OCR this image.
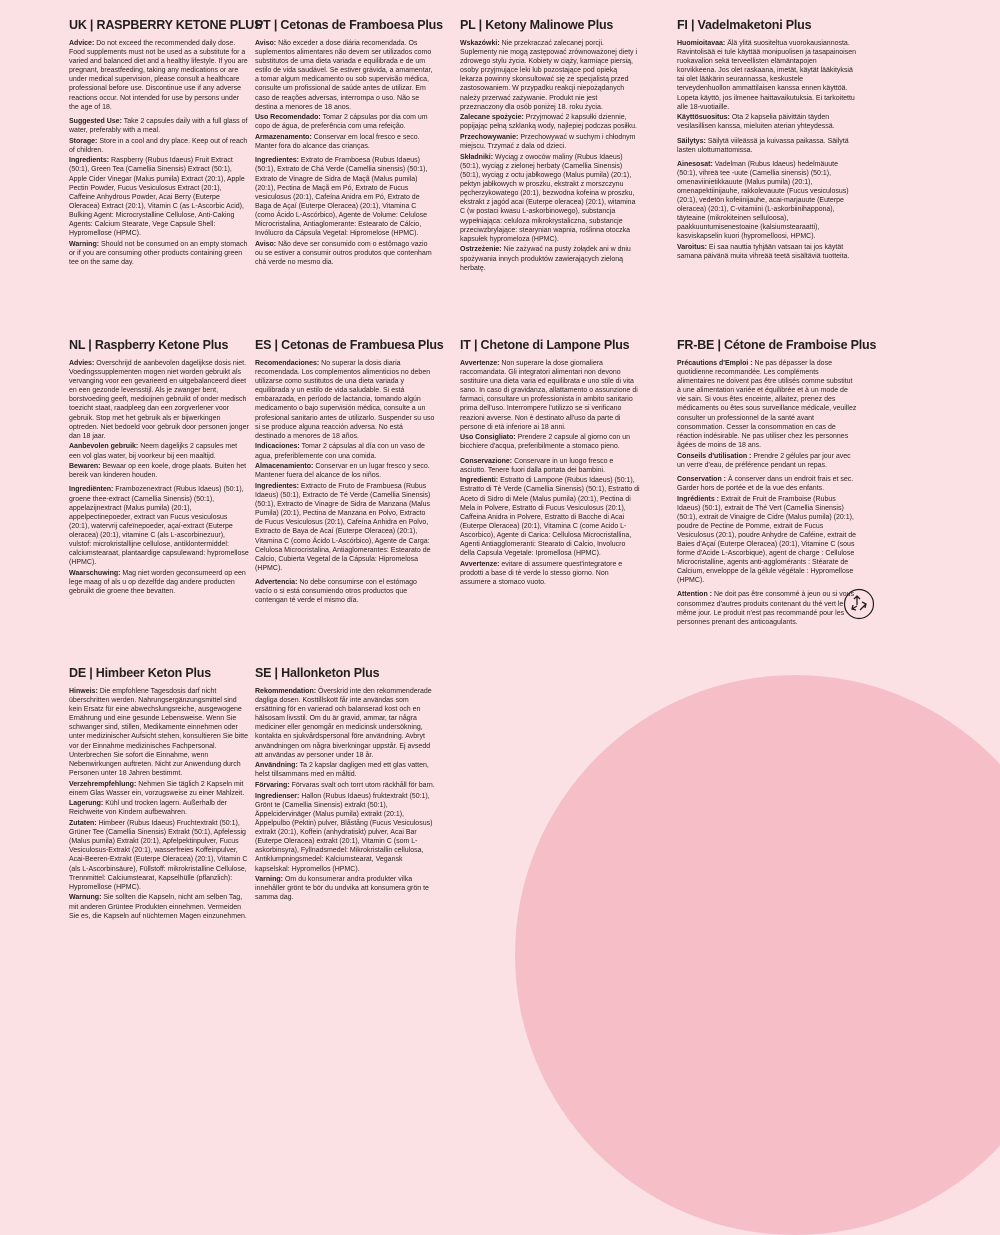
UK | RASPBERRY KETONE PLUS

Advice: Do not exceed the recommended daily dose. Food supplements must not be used as a substitute for a varied and balanced diet and a healthy lifestyle. If you are pregnant, breastfeeding, taking any medications or are under medical supervision, please consult a healthcare professional before use. Discontinue use if any adverse reactions occur. Not intended for use by persons under the age of 18.

Suggested Use: Take 2 capsules daily with a full glass of water, preferably with a meal.

Storage: Store in a cool and dry place. Keep out of reach of children.

Ingredients: Raspberry (Rubus Idaeus) Fruit Extract (50:1), Green Tea (Camellia Sinensis) Extract (50:1), Apple Cider Vinegar (Malus pumila) Extract (20:1), Apple Pectin Powder, Fucus Vesiculosus Extract (20:1), Caffeine Anhydrous Powder, Acai Berry (Euterpe Oleracea) Extract (20:1), Vitamin C (as L-Ascorbic Acid), Bulking Agent: Microcrystalline Cellulose, Anti-Caking Agents: Calcium Stearate, Vege Capsule Shell: Hypromellose (HPMC).

Warning: Should not be consumed on an empty stomach or if you are consuming other products containing green tee on the same day.

PT | Cetonas de Framboesa Plus

Aviso: Não exceder a dose diária recomendada. Os suplementos alimentares não devem ser utilizados como substitutos de uma dieta variada e equilibrada e de um estilo de vida saudável. Se estiver grávida, a amamentar, a tomar algum medicamento ou sob supervisão médica, consulte um profissional de saúde antes de utilizar. Em caso de reações adversas, interrompa o uso. Não se destina a menores de 18 anos.

Uso Recomendado: Tomar 2 cápsulas por dia com um copo de água, de preferência com uma refeição.

Armazenamento: Conservar em local fresco e seco. Manter fora do alcance das crianças.

Ingredientes: Extrato de Framboesa (Rubus Idaeus) (50:1), Extrato de Chá Verde (Camellia sinensis) (50:1), Extrato de Vinagre de Sidra de Maçã (Malus pumila) (20:1), Pectina de Maçã em Pó, Extrato de Fucus vesiculosus (20:1), Cafeína Anidra em Pó, Extrato de Baga de Açaí (Euterpe Oleracea) (20:1), Vitamina C (como Ácido L-Ascórbico), Agente de Volume: Celulose Microcristalina, Antiaglomerante: Estearato de Cálcio, Invólucro da Cápsula Vegetal: Hipromelose (HPMC).

Aviso: Não deve ser consumido com o estômago vazio ou se estiver a consumir outros produtos que contenham chá verde no mesmo dia.

PL | Ketony Malinowe Plus

Wskazówki: Nie przekraczać zalecanej porcji. Suplementy nie mogą zastępować zrównoważonej diety i zdrowego stylu życia. Kobiety w ciąży, karmiące piersią, osoby przyjmujące leki lub pozostające pod opieką lekarza powinny skonsultować się ze specjalistą przed zastosowaniem. W przypadku reakcji niepożądanych należy przerwać zażywanie. Produkt nie jest przeznaczony dla osób poniżej 18. roku życia.

Zalecane spożycie: Przyjmować 2 kapsułki dziennie, popijając pełną szklanką wody, najlepiej podczas posiłku.

Przechowywanie: Przechowywać w suchym i chłodnym miejscu. Trzymać z dala od dzieci.

Składniki: Wyciąg z owoców maliny (Rubus Idaeus) (50:1), wyciąg z zielonej herbaty (Camellia Sinensis) (50:1), wyciąg z octu jabłkowego (Malus pumila) (20:1), pektyn jabłkowych w proszku, ekstrakt z morszczynu pęcherzykowatego (20:1), bezwodna kofeina w proszku, ekstrakt z jagód acai (Euterpe oleracea) (20:1), witamina C (w postaci kwasu L-askorbinowego), substancja wypełniająca: celuloza mikrokrystaliczna, substancje przeciwzbrylające: stearynian wapnia, roślinna otoczka kapsułek hypromeloza (HPMC).

Ostrzeżenie: Nie zażywać na pusty żołądek ani w dniu spożywania innych produktów zawierających zieloną herbatę.

FI | Vadelmaketoni Plus

Huomioitavaa: Älä ylitä suositeltua vuorokausiannosta. Ravintolisää ei tule käyttää monipuolisen ja tasapainoisen ruokavalion sekä terveellisten elämäntapojen korvikkeena. Jos olet raskaana, imetät, käytät lääkityksiä tai olet lääkärin seurannassa, keskustele terveydenhuollon ammattilaisen kanssa ennen käyttöä. Lopeta käyttö, jos ilmenee haittavaikutuksia. Ei tarkoitettu alle 18-vuotiaille.

Käyttösuositus: Ota 2 kapselia päivittäin täyden vesilasillisen kanssa, mieluiten aterian yhteydessä.

Säilytys: Säilytä viileässä ja kuivassa paikassa. Säilytä lasten ulottumattomissa.

Ainesosat: Vadelman (Rubus Idaeus) hedelmäuute (50:1), vihreä tee -uute (Camellia sinensis) (50:1), omenaviinietikkauute (Malus pumila) (20:1), omenapektiinijauhe, rakkolevauute (Fucus vesiculosus) (20:1), vedetön kofeiinijauhe, acai-marjauute (Euterpe oleracea) (20:1), C-vitamiini (L-askorbiinihappona), täyteaine (mikrokiteinen selluloosa), paakkuuntumisenestoaine (kalsiumstearaatti), kasviskapselin kuori (hypromelloosi, HPMC).

Varoitus: Ei saa nauttia tyhjään vatsaan tai jos käytät samana päivänä muita vihreää teetä sisältäviä tuotteita.

NL | Raspberry Ketone Plus

Advies: Overschrijd de aanbevolen dagelijkse dosis niet. Voedingssupplementen mogen niet worden gebruikt als vervanging voor een gevarieerd en uitgebalanceerd dieet en een gezonde levensstijl. Als je zwanger bent, borstvoeding geeft, medicijnen gebruikt of onder medisch toezicht staat, raadpleeg dan een zorgverlener voor gebruik. Stop met het gebruik als er bijwerkingen optreden. Niet bedoeld voor gebruik door personen jonger dan 18 jaar.

Aanbevolen gebruik: Neem dagelijks 2 capsules met een vol glas water, bij voorkeur bij een maaltijd.

Bewaren: Bewaar op een koele, droge plaats. Buiten het bereik van kinderen houden.

Ingrediënten: Frambozenextract (Rubus Idaeus) (50:1), groene thee-extract (Camellia Sinensis) (50:1), appelazijnextract (Malus pumila) (20:1), appelpectinepoeder, extract van Fucus vesiculosus (20:1), watervrij cafeïnepoeder, açaí-extract (Euterpe oleracea) (20:1), vitamine C (als L-ascorbinezuur), vulstof: microkristallijne cellulose, antiklontermiddel: calciumstearaat, plantaardige capsulewand: hypromellose (HPMC).

Waarschuwing: Mag niet worden geconsumeerd op een lege maag of als u op dezelfde dag andere producten gebruikt die groene thee bevatten.

ES | Cetonas de Frambuesa Plus

Recomendaciones: No superar la dosis diaria recomendada. Los complementos alimenticios no deben utilizarse como sustitutos de una dieta variada y equilibrada y un estilo de vida saludable. Si está embarazada, en período de lactancia, tomando algún medicamento o bajo supervisión médica, consulte a un profesional sanitario antes de utilizarlo. Suspender su uso si se produce alguna reacción adversa. No está destinado a menores de 18 años.

Indicaciones: Tomar 2 cápsulas al día con un vaso de agua, preferiblemente con una comida.

Almacenamiento: Conservar en un lugar fresco y seco. Mantener fuera del alcance de los niños.

Ingredientes: Extracto de Fruto de Frambuesa (Rubus Idaeus) (50:1), Extracto de Té Verde (Camellia Sinensis) (50:1), Extracto de Vinagre de Sidra de Manzana (Malus Pumila) (20:1), Pectina de Manzana en Polvo, Extracto de Fucus Vesiculosus (20:1), Cafeína Anhidra en Polvo, Extracto de Baya de Acaí (Euterpe Oleracea) (20:1), Vitamina C (como Ácido L-Ascórbico), Agente de Carga: Celulosa Microcristalina, Antiaglomerantes: Estearato de Calcio, Cubierta Vegetal de la Cápsula: Hipromelosa (HPMC).

Advertencia: No debe consumirse con el estómago vacío o si está consumiendo otros productos que contengan té verde el mismo día.

IT | Chetone di Lampone Plus

Avvertenze: Non superare la dose giornaliera raccomandata. Gli integratori alimentari non devono sostituire una dieta varia ed equilibrata e uno stile di vita sano. In caso di gravidanza, allattamento o assunzione di farmaci, consultare un professionista in ambito sanitario prima dell'uso. Interrompere l'utilizzo se si verificano reazioni avverse. Non è destinato all'uso da parte di persone di età inferiore ai 18 anni.

Uso Consigliato: Prendere 2 capsule al giorno con un bicchiere d'acqua, preferibilmente a stomaco pieno.

Conservazione: Conservare in un luogo fresco e asciutto. Tenere fuori dalla portata dei bambini.

Ingredienti: Estratto di Lampone (Rubus Idaeus) (50:1), Estratto di Tè Verde (Camellia Sinensis) (50:1), Estratto di Aceto di Sidro di Mele (Malus pumila) (20:1), Pectina di Mela in Polvere, Estratto di Fucus Vesiculosus (20:1), Caffeina Anidra in Polvere, Estratto di Bacche di Acai (Euterpe Oleracea) (20:1), Vitamina C (come Acido L-Ascorbico), Agente di Carica: Cellulosa Microcristallina, Agenti Antiagglomeranti: Stearato di Calcio, Involucro della Capsula Vegetale: Ipromellosa (HPMC).

Avvertenze: evitare di assumere quest'integratore e prodotti a base di tè verde lo stesso giorno. Non assumere a stomaco vuoto.

FR-BE | Cétone de Framboise Plus

Précautions d'Emploi : Ne pas dépasser la dose quotidienne recommandée. Les compléments alimentaires ne doivent pas être utilisés comme substitut à une alimentation variée et équilibrée et à un mode de vie sain. Si vous êtes enceinte, allaitez, prenez des médicaments ou êtes sous surveillance médicale, veuillez consulter un professionnel de la santé avant consommation. Cesser la consommation en cas de réaction indésirable. Ne pas utiliser chez les personnes âgées de moins de 18 ans.

Conseils d'utilisation : Prendre 2 gélules par jour avec un verre d'eau, de préférence pendant un repas.

Conservation : À conserver dans un endroit frais et sec. Garder hors de portée et de la vue des enfants.

Ingrédients : Extrait de Fruit de Framboise (Rubus Idaeus) (50:1), extrait de Thé Vert (Camellia Sinensis) (50:1), extrait de Vinaigre de Cidre (Malus pumila) (20:1), poudre de Pectine de Pomme, extrait de Fucus Vesiculosus (20:1), poudre Anhydre de Caféine, extrait de Baies d'Açaí (Euterpe Oleracea) (20:1), Vitamine C (sous forme d'Acide L-Ascorbique), agent de charge : Cellulose Microcristalline, agents anti-agglomérants : Stéarate de Calcium, enveloppe de la gélule végétale : Hypromellose (HPMC).

Attention : Ne doit pas être consommé à jeun ou si vous consommez d'autres produits contenant du thé vert le même jour. Le produit n'est pas recommandé pour les personnes prenant des anticoagulants.

DE | Himbeer Keton Plus

Hinweis: Die empfohlene Tagesdosis darf nicht überschritten werden. Nahrungsergänzungsmittel sind kein Ersatz für eine abwechslungsreiche, ausgewogene Ernährung und eine gesunde Lebensweise. Wenn Sie schwanger sind, stillen, Medikamente einnehmen oder unter medizinischer Aufsicht stehen, konsultieren Sie bitte vor der Einnahme medizinisches Fachpersonal. Unterbrechen Sie sofort die Einnahme, wenn Nebenwirkungen auftreten. Nicht zur Anwendung durch Personen unter 18 Jahren bestimmt.

Verzehrempfehlung: Nehmen Sie täglich 2 Kapseln mit einem Glas Wasser ein, vorzugsweise zu einer Mahlzeit.

Lagerung: Kühl und trocken lagern. Außerhalb der Reichweite von Kindern aufbewahren.

Zutaten: Himbeer (Rubus Idaeus) Fruchtextrakt (50:1), Grüner Tee (Camellia Sinensis) Extrakt (50:1), Apfelessig (Malus pumila) Extrakt (20:1), Apfelpektinpulver, Fucus Vesiculosus-Extrakt (20:1), wasserfreies Koffeinpulver, Acai-Beeren-Extrakt (Euterpe Oleracea) (20:1), Vitamin C (als L-Ascorbinsäure), Füllstoff: mikrokristalline Cellulose, Trennmittel: Calciumstearat, Kapselhülle (pflanzlich): Hypromellose (HPMC).

Warnung: Sie sollten die Kapseln, nicht am selben Tag, mit anderen Grüntee Produkten einnehmen. Vermeiden Sie es, die Kapseln auf nüchternen Magen einzunehmen.

SE | Hallonketon Plus

Rekommendation: Överskrid inte den rekommenderade dagliga dosen. Kosttillskott får inte användas som ersättning för en varierad och balanserad kost och en hälsosam livsstil. Om du är gravid, ammar, tar några mediciner eller genomgår en medicinsk undersökning, kontakta en sjukvårdspersonal före användning. Avbryt användningen om några biverkningar uppstår. Ej avsedd att användas av personer under 18 år.

Användning: Ta 2 kapslar dagligen med ett glas vatten, helst tillsammans med en måltid.

Förvaring: Förvaras svalt och torrt utom räckhåll för barn.

Ingredienser: Hallon (Rubus Idaeus) fruktextrakt (50:1), Grönt te (Camellia Sinensis) extrakt (50:1), Äppelcidervinäger (Malus pumila) extrakt (20:1), Äppelpulbo (Pektin) pulver, Blåstång (Fucus Vesiculosus) extrakt (20:1), Koffein (anhydratiskt) pulver, Acai Bar (Euterpe Oleracea) extrakt (20:1), Vitamin C (som L-askorbinsyra), Fyllnadsmedel: Mikrokristallin cellulosa, Antiklumpningsmedel: Kalciumstearat, Vegansk kapselskal: Hypromellos (HPMC).

Varning: Om du konsumerar andra produkter vilka innehåller grönt te bör du undvika att konsumera grön te samma dag.
